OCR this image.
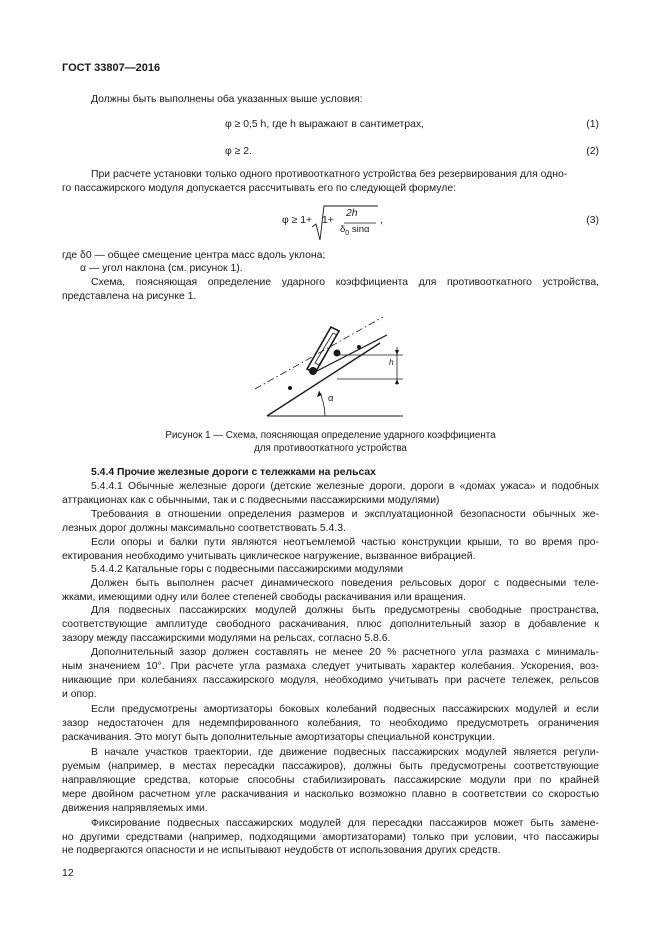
ГОСТ 33807—2016
Должны быть выполнены оба указанных выше условия:
φ ≥ 0,5 h, где h выражают в сантиметрах,	(1)
φ ≥ 2.	(2)
При расчете установки только одного противооткатного устройства без резервирования для одно-
го пассажирского модуля допускается рассчитывать его по следующей формуле:
φ ≥ 1+ 1+
2h
$\delta_0$ sinα
,	(3)
где δ0 — общее смещение центра масс вдоль уклона;
α — угол наклона (см. рисунок 1).
Схема, поясняющая определение ударного коэффициента для противооткатного устройства,
представлена на рисунке 1.
α
h
Рисунок 1 — Схема, поясняющая определение ударного коэффициента
для противооткатного устройства
5.4.4 Прочие железные дороги с тележками на рельсах
5.4.4.1 Обычные железные дороги (детские железные дороги, дороги в «домах ужаса» и подобных
аттракционах как с обычными, так и с подвесными пассажирскими модулями)
Требования в отношении определения размеров и эксплуатационной безопасности обычных же-
лезных дорог должны максимально соответствовать 5.4.3.
Если опоры и балки пути являются неотъемлемой частью конструкции крыши, то во время про-
ектирования необходимо учитывать циклическое нагружение, вызванное вибрацией.
5.4.4.2 Катальные горы с подвесными пассажирскими модулями
Должен быть выполнен расчет динамического поведения рельсовых дорог с подвесными теле-
жками, имеющими одну или более степеней свободы раскачивания или вращения.
Для подвесных пассажирских модулей должны быть предусмотрены свободные пространства,
соответствующие амплитуде свободного раскачивания, плюс дополнительный зазор в добавление к
зазору между пассажирскими модулями на рельсах, согласно 5.8.6.
Дополнительный зазор должен составлять не менее 20 % расчетного угла размаха с минималь-
ным значением 10°. При расчете угла размаха следует учитывать характер колебания. Ускорения, воз-
никающие при колебаниях пассажирского модуля, необходимо учитывать при расчете тележек, рельсов
и опор.
Если предусмотрены амортизаторы боковых колебаний подвесных пассажирских модулей и если
зазор недостаточен для недемпфированного колебания, то необходимо предусмотреть ограничения
раскачивания. Это могут быть дополнительные амортизаторы специальной конструкции.
В начале участков траектории, где движение подвесных пассажирских модулей является регули-
руемым (например, в местах пересадки пассажиров), должны быть предусмотрены соответствующие
направляющие средства, которые способны стабилизировать пассажирские модули при по крайней
мере двойном расчетном угле раскачивания и насколько возможно плавно в соответствии со скоростью
движения напрявляемых ими.
Фиксирование подвесных пассажирских модулей для пересадки пассажиров может быть замене-
но другими средствами (например, подходящими амортизаторами) только при условии, что пассажиры
не подвергаются опасности и не испытывают неудобств от использования других средств.
12
